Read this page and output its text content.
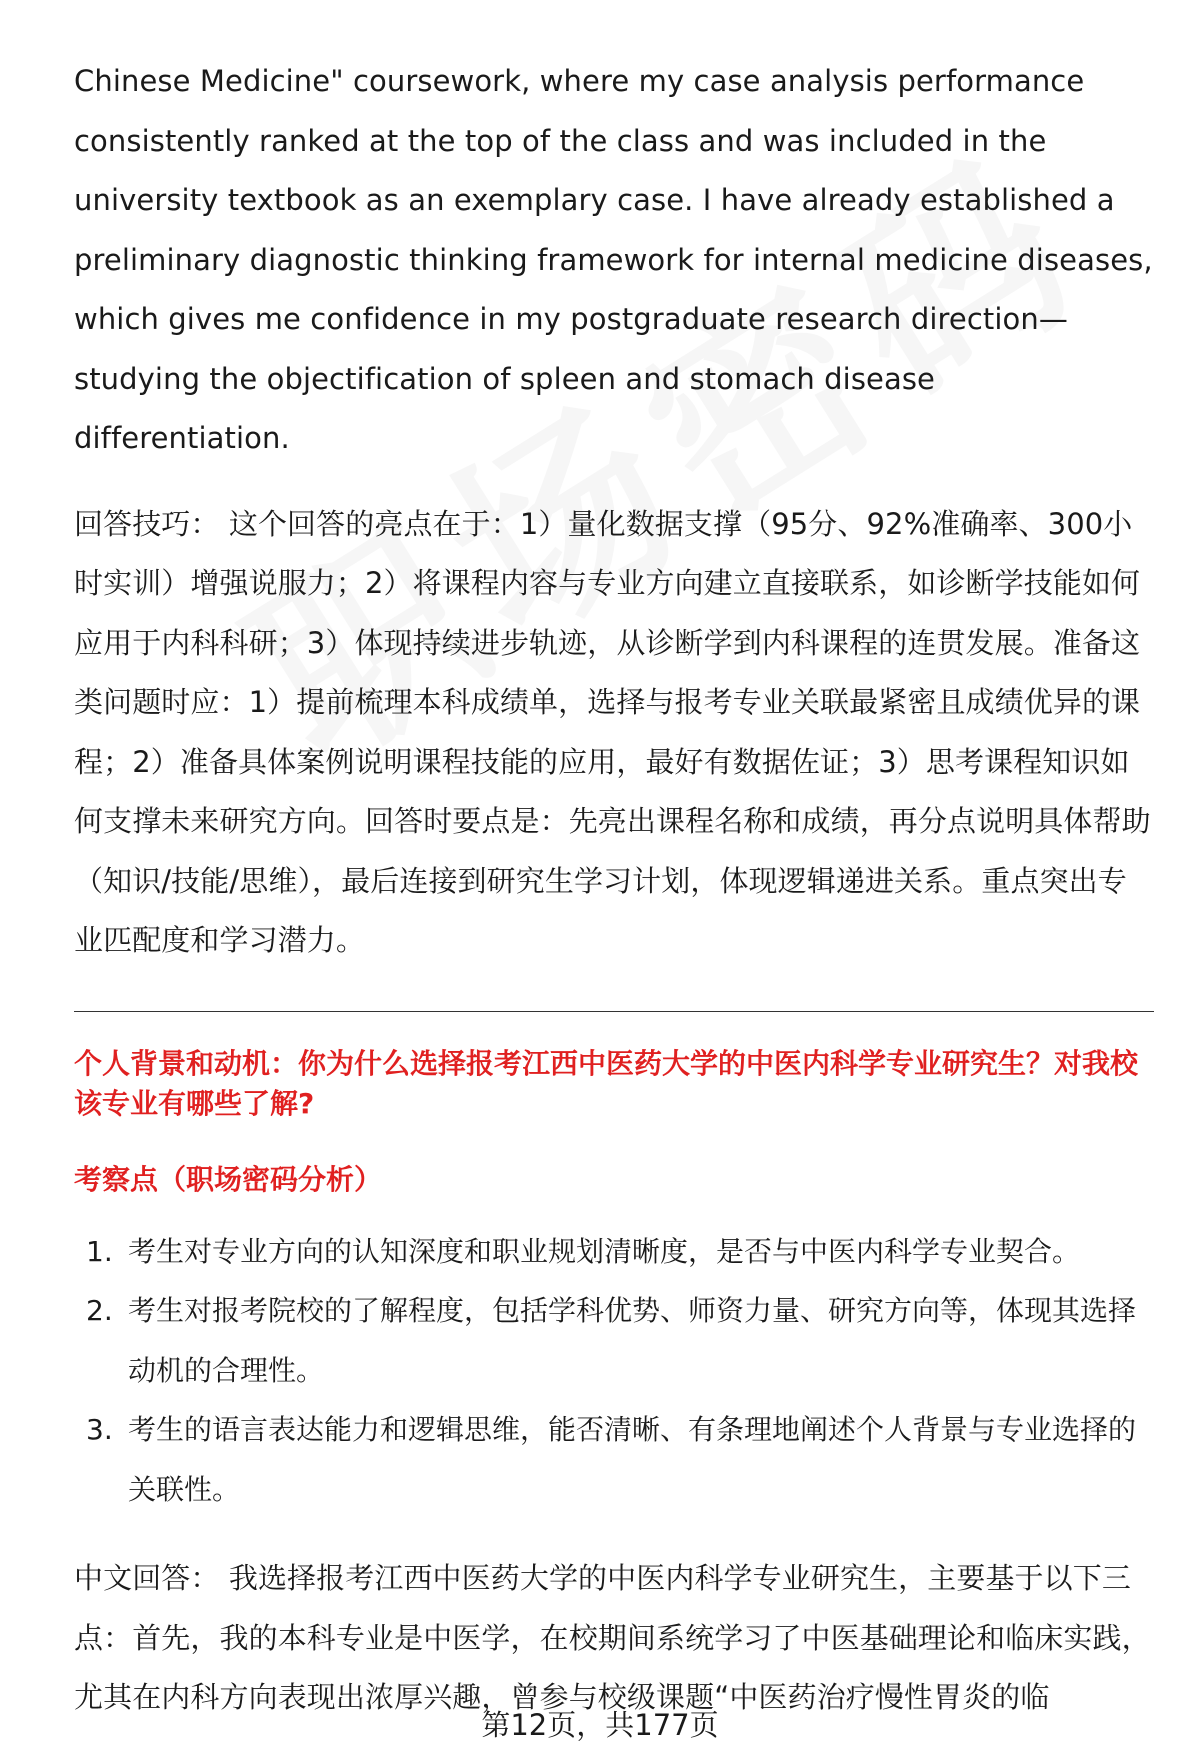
Chinese Medicine" coursework, where my case analysis performance

consistently ranked at the top of the class and was included in the

university textbook as an exemplary case. I have already established a

preliminary diagnostic thinking framework for internal medicine diseases,

which gives me confidence in my postgraduate research direction—

studying the objectification of spleen and stomach disease differentiation.

回答技巧： 这个回答的亮点在于：1）量化数据支撑（95分、92%准确率、300小时实训）增强说服力；2）将课程内容与专业方向建立直接联系，如诊断学技能如何应用于内科科研；3）体现持续进步轨迹，从诊断学到内科课程的连贯发展。准备这类问题时应：1）提前梳理本科成绩单，选择与报考专业关联最紧密且成绩优异的课程；2）准备具体案例说明课程技能的应用，最好有数据佐证；3）思考课程知识如何支撑未来研究方向。回答时要点是：先亮出课程名称和成绩，再分点说明具体帮助（知识/技能/思维），最后连接到研究生学习计划，体现逻辑递进关系。重点突出专业匹配度和学习潜力。

个人背景和动机：你为什么选择报考江西中医药大学的中医内科学专业研究生？对我校该专业有哪些了解?
考察点（职场密码分析）
1. 考生对专业方向的认知深度和职业规划清晰度，是否与中医内科学专业契合。
2. 考生对报考院校的了解程度，包括学科优势、师资力量、研究方向等，体现其选择动机的合理性。
3. 考生的语言表达能力和逻辑思维，能否清晰、有条理地阐述个人背景与专业选择的关联性。

中文回答： 我选择报考江西中医药大学的中医内科学专业研究生，主要基于以下三点：首先，我的本科专业是中医学，在校期间系统学习了中医基础理论和临床实践，尤其在内科方向表现出浓厚兴趣，曾参与校级课题“中医药治疗慢性胃炎的临

第12页，共177页
